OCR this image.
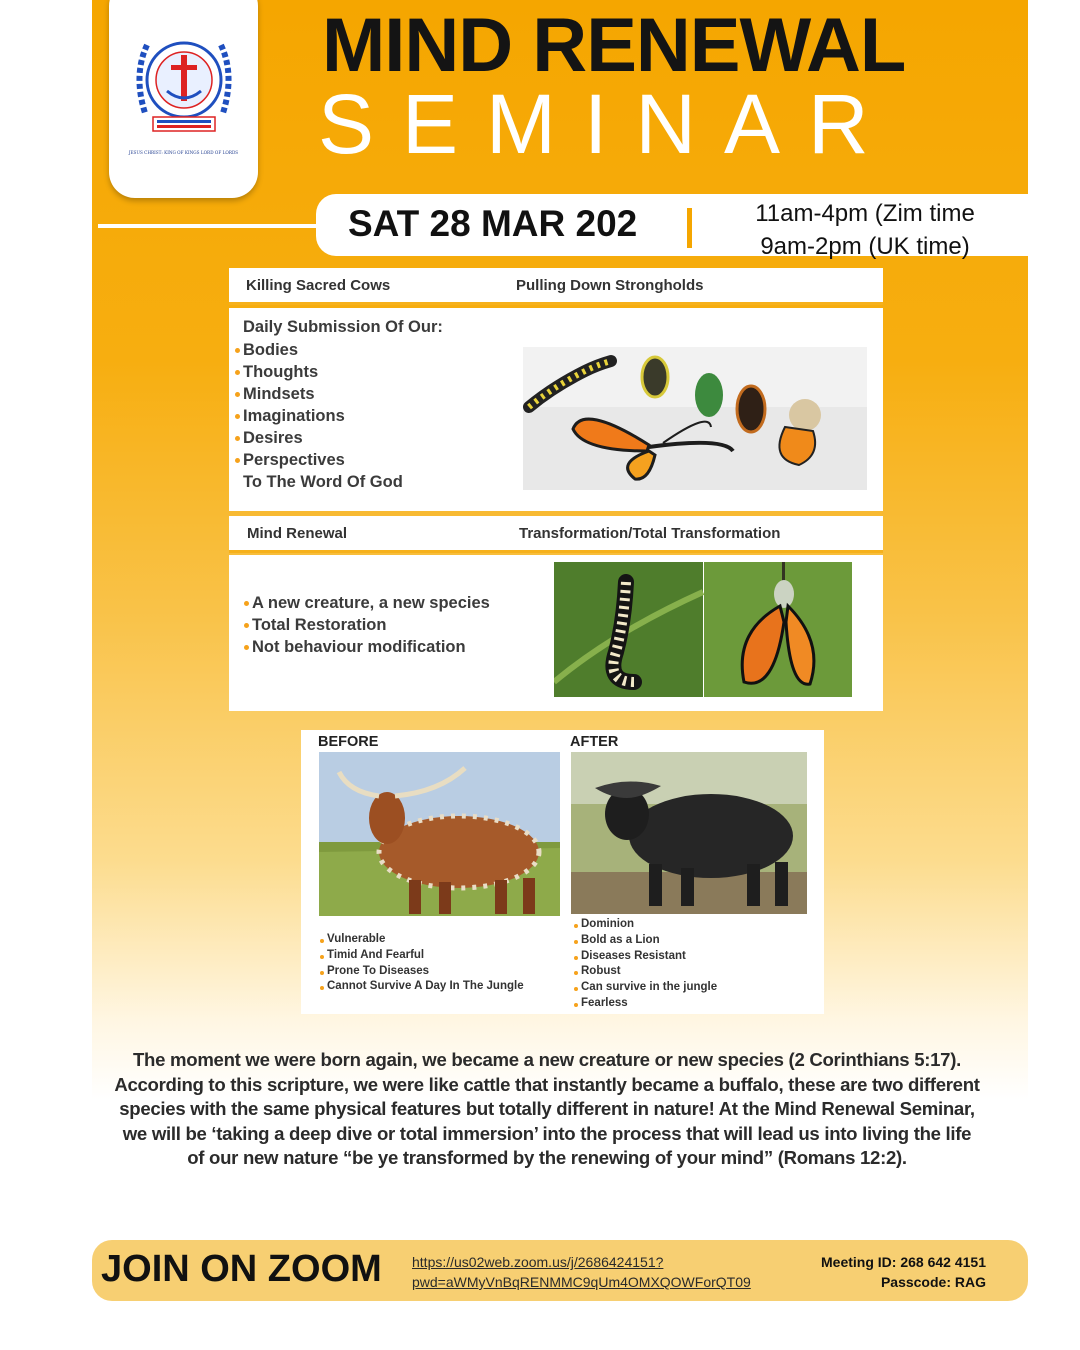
JESUS CHRIST: KING OF KINGS LORD OF LORDS
MIND RENEWAL
SEMINAR
SAT 28 MAR 202	11am-4pm (Zim time
9am-2pm (UK time)
Killing Sacred Cows	Pulling Down Strongholds
Daily Submission Of Our:
Bodies
Thoughts
Mindsets
Imaginations
Desires
Perspectives
To The Word Of God
Mind Renewal	Transformation/Total Transformation
A new creature, a new species
Total Restoration
Not behaviour modification
BEFORE	AFTER
Vulnerable
Timid And Fearful
Prone To Diseases
Cannot Survive A Day In The Jungle
Dominion
Bold as a Lion
Diseases Resistant
Robust
Can survive in the jungle
Fearless
The moment we were born again, we became a new creature or new species (2 Corinthians 5:17). According to this scripture, we were like cattle that instantly became a buffalo, these are two different species with the same physical features but totally different in nature! At the Mind Renewal Seminar, we will be ‘taking a deep dive or total immersion’ into the process that will lead us into living the life of our new nature “be ye transformed by the renewing of your mind” (Romans 12:2).
JOIN ON ZOOM https://us02web.zoom.us/j/2686424151?
pwd=aWMyVnBqRENMMC9qUm4OMXQOWForQT09
Meeting ID: 268 642 4151
Passcode: RAG
